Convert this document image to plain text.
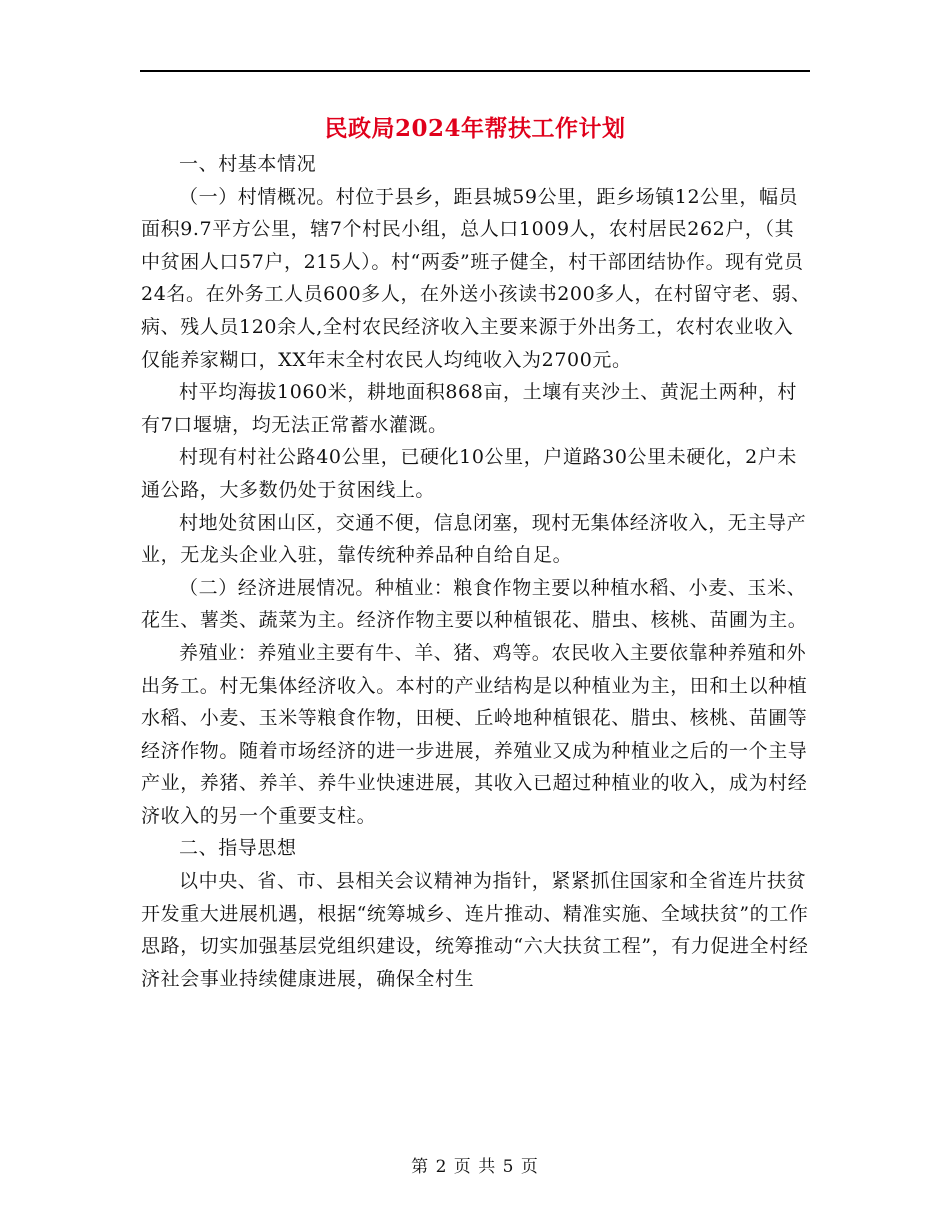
民政局2024年帮扶工作计划

一、村基本情况

（一）村情概况。村位于县乡，距县城59公里，距乡场镇12公里，幅员面积9.7平方公里，辖7个村民小组，总人口1009人，农村居民262户，（其中贫困人口57户，215人）。村“两委”班子健全，村干部团结协作。现有党员24名。在外务工人员600多人，在外送小孩读书200多人，在村留守老、弱、病、残人员120余人,全村农民经济收入主要来源于外出务工，农村农业收入仅能养家糊口，XX年末全村农民人均纯收入为2700元。

村平均海拔1060米，耕地面积868亩，土壤有夹沙土、黄泥土两种，村有7口堰塘，均无法正常蓄水灌溉。

村现有村社公路40公里，已硬化10公里，户道路30公里未硬化，2户未通公路，大多数仍处于贫困线上。

村地处贫困山区，交通不便，信息闭塞，现村无集体经济收入，无主导产业，无龙头企业入驻，靠传统种养品种自给自足。

（二）经济进展情况。种植业：粮食作物主要以种植水稻、小麦、玉米、花生、薯类、蔬菜为主。经济作物主要以种植银花、腊虫、核桃、苗圃为主。

养殖业：养殖业主要有牛、羊、猪、鸡等。农民收入主要依靠种养殖和外出务工。村无集体经济收入。本村的产业结构是以种植业为主，田和土以种植水稻、小麦、玉米等粮食作物，田梗、丘岭地种植银花、腊虫、核桃、苗圃等经济作物。随着市场经济的进一步进展，养殖业又成为种植业之后的一个主导产业，养猪、养羊、养牛业快速进展，其收入已超过种植业的收入，成为村经济收入的另一个重要支柱。

二、指导思想

以中央、省、市、县相关会议精神为指针，紧紧抓住国家和全省连片扶贫开发重大进展机遇，根据“统筹城乡、连片推动、精准实施、全域扶贫”的工作思路，切实加强基层党组织建设，统筹推动“六大扶贫工程”，有力促进全村经济社会事业持续健康进展，确保全村生

第 2 页 共 5 页
